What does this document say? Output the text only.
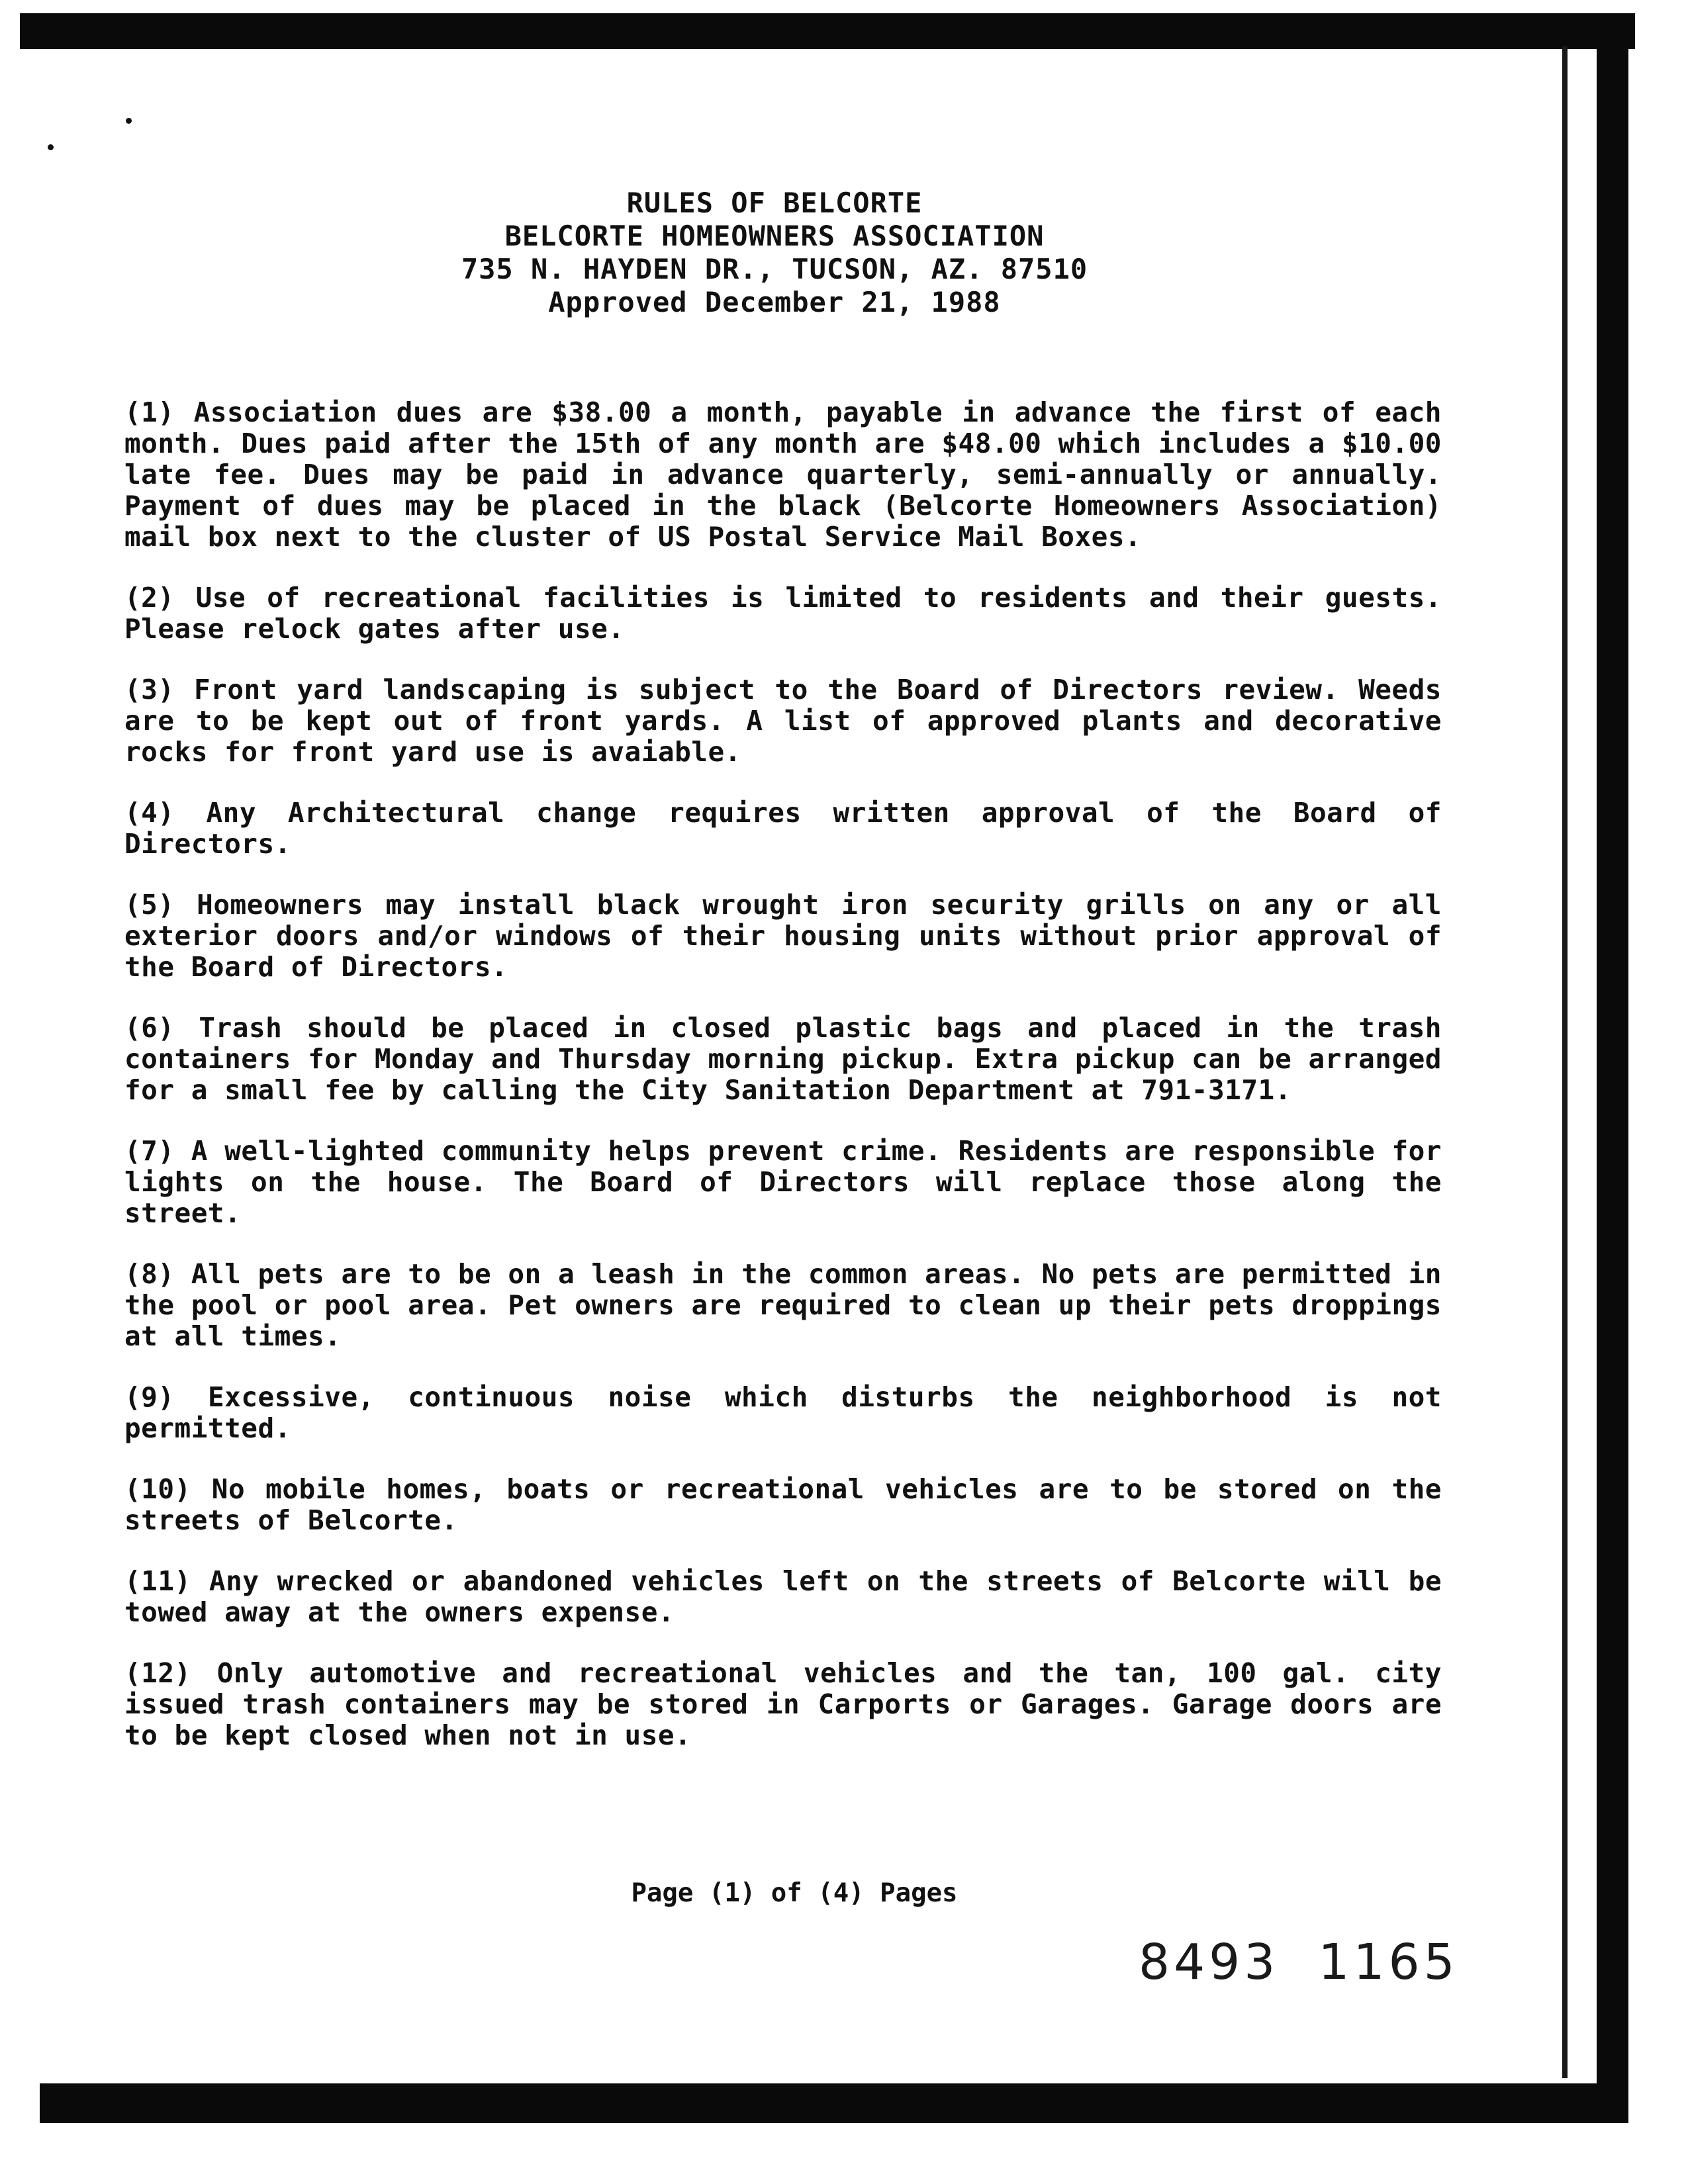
RULES OF BELCORTE
BELCORTE HOMEOWNERS ASSOCIATION
735 N. HAYDEN DR., TUCSON, AZ. 87510
Approved December 21, 1988

(1) Association dues are $38.00 a month, payable in advance the first of each month. Dues paid after the 15th of any month are $48.00 which includes a $10.00 late fee. Dues may be paid in advance quarterly, semi-annually or annually. Payment of dues may be placed in the black (Belcorte Homeowners Association) mail box next to the cluster of US Postal Service Mail Boxes.

(2) Use of recreational facilities is limited to residents and their guests. Please relock gates after use.

(3) Front yard landscaping is subject to the Board of Directors review. Weeds are to be kept out of front yards. A list of approved plants and decorative rocks for front yard use is avaiable.

(4) Any Architectural change requires written approval of the Board of Directors.

(5) Homeowners may install black wrought iron security grills on any or all exterior doors and/or windows of their housing units without prior approval of the Board of Directors.

(6) Trash should be placed in closed plastic bags and placed in the trash containers for Monday and Thursday morning pickup. Extra pickup can be arranged for a small fee by calling the City Sanitation Department at 791-3171.

(7) A well-lighted community helps prevent crime. Residents are responsible for lights on the house. The Board of Directors will replace those along the street.

(8) All pets are to be on a leash in the common areas. No pets are permitted in the pool or pool area. Pet owners are required to clean up their pets droppings at all times.

(9) Excessive, continuous noise which disturbs the neighborhood is not permitted.

(10) No mobile homes, boats or recreational vehicles are to be stored on the streets of Belcorte.

(11) Any wrecked or abandoned vehicles left on the streets of Belcorte will be towed away at the owners expense.

(12) Only automotive and recreational vehicles and the tan, 100 gal. city issued trash containers may be stored in Carports or Garages. Garage doors are to be kept closed when not in use.

Page (1) of (4) Pages
8493  1165
